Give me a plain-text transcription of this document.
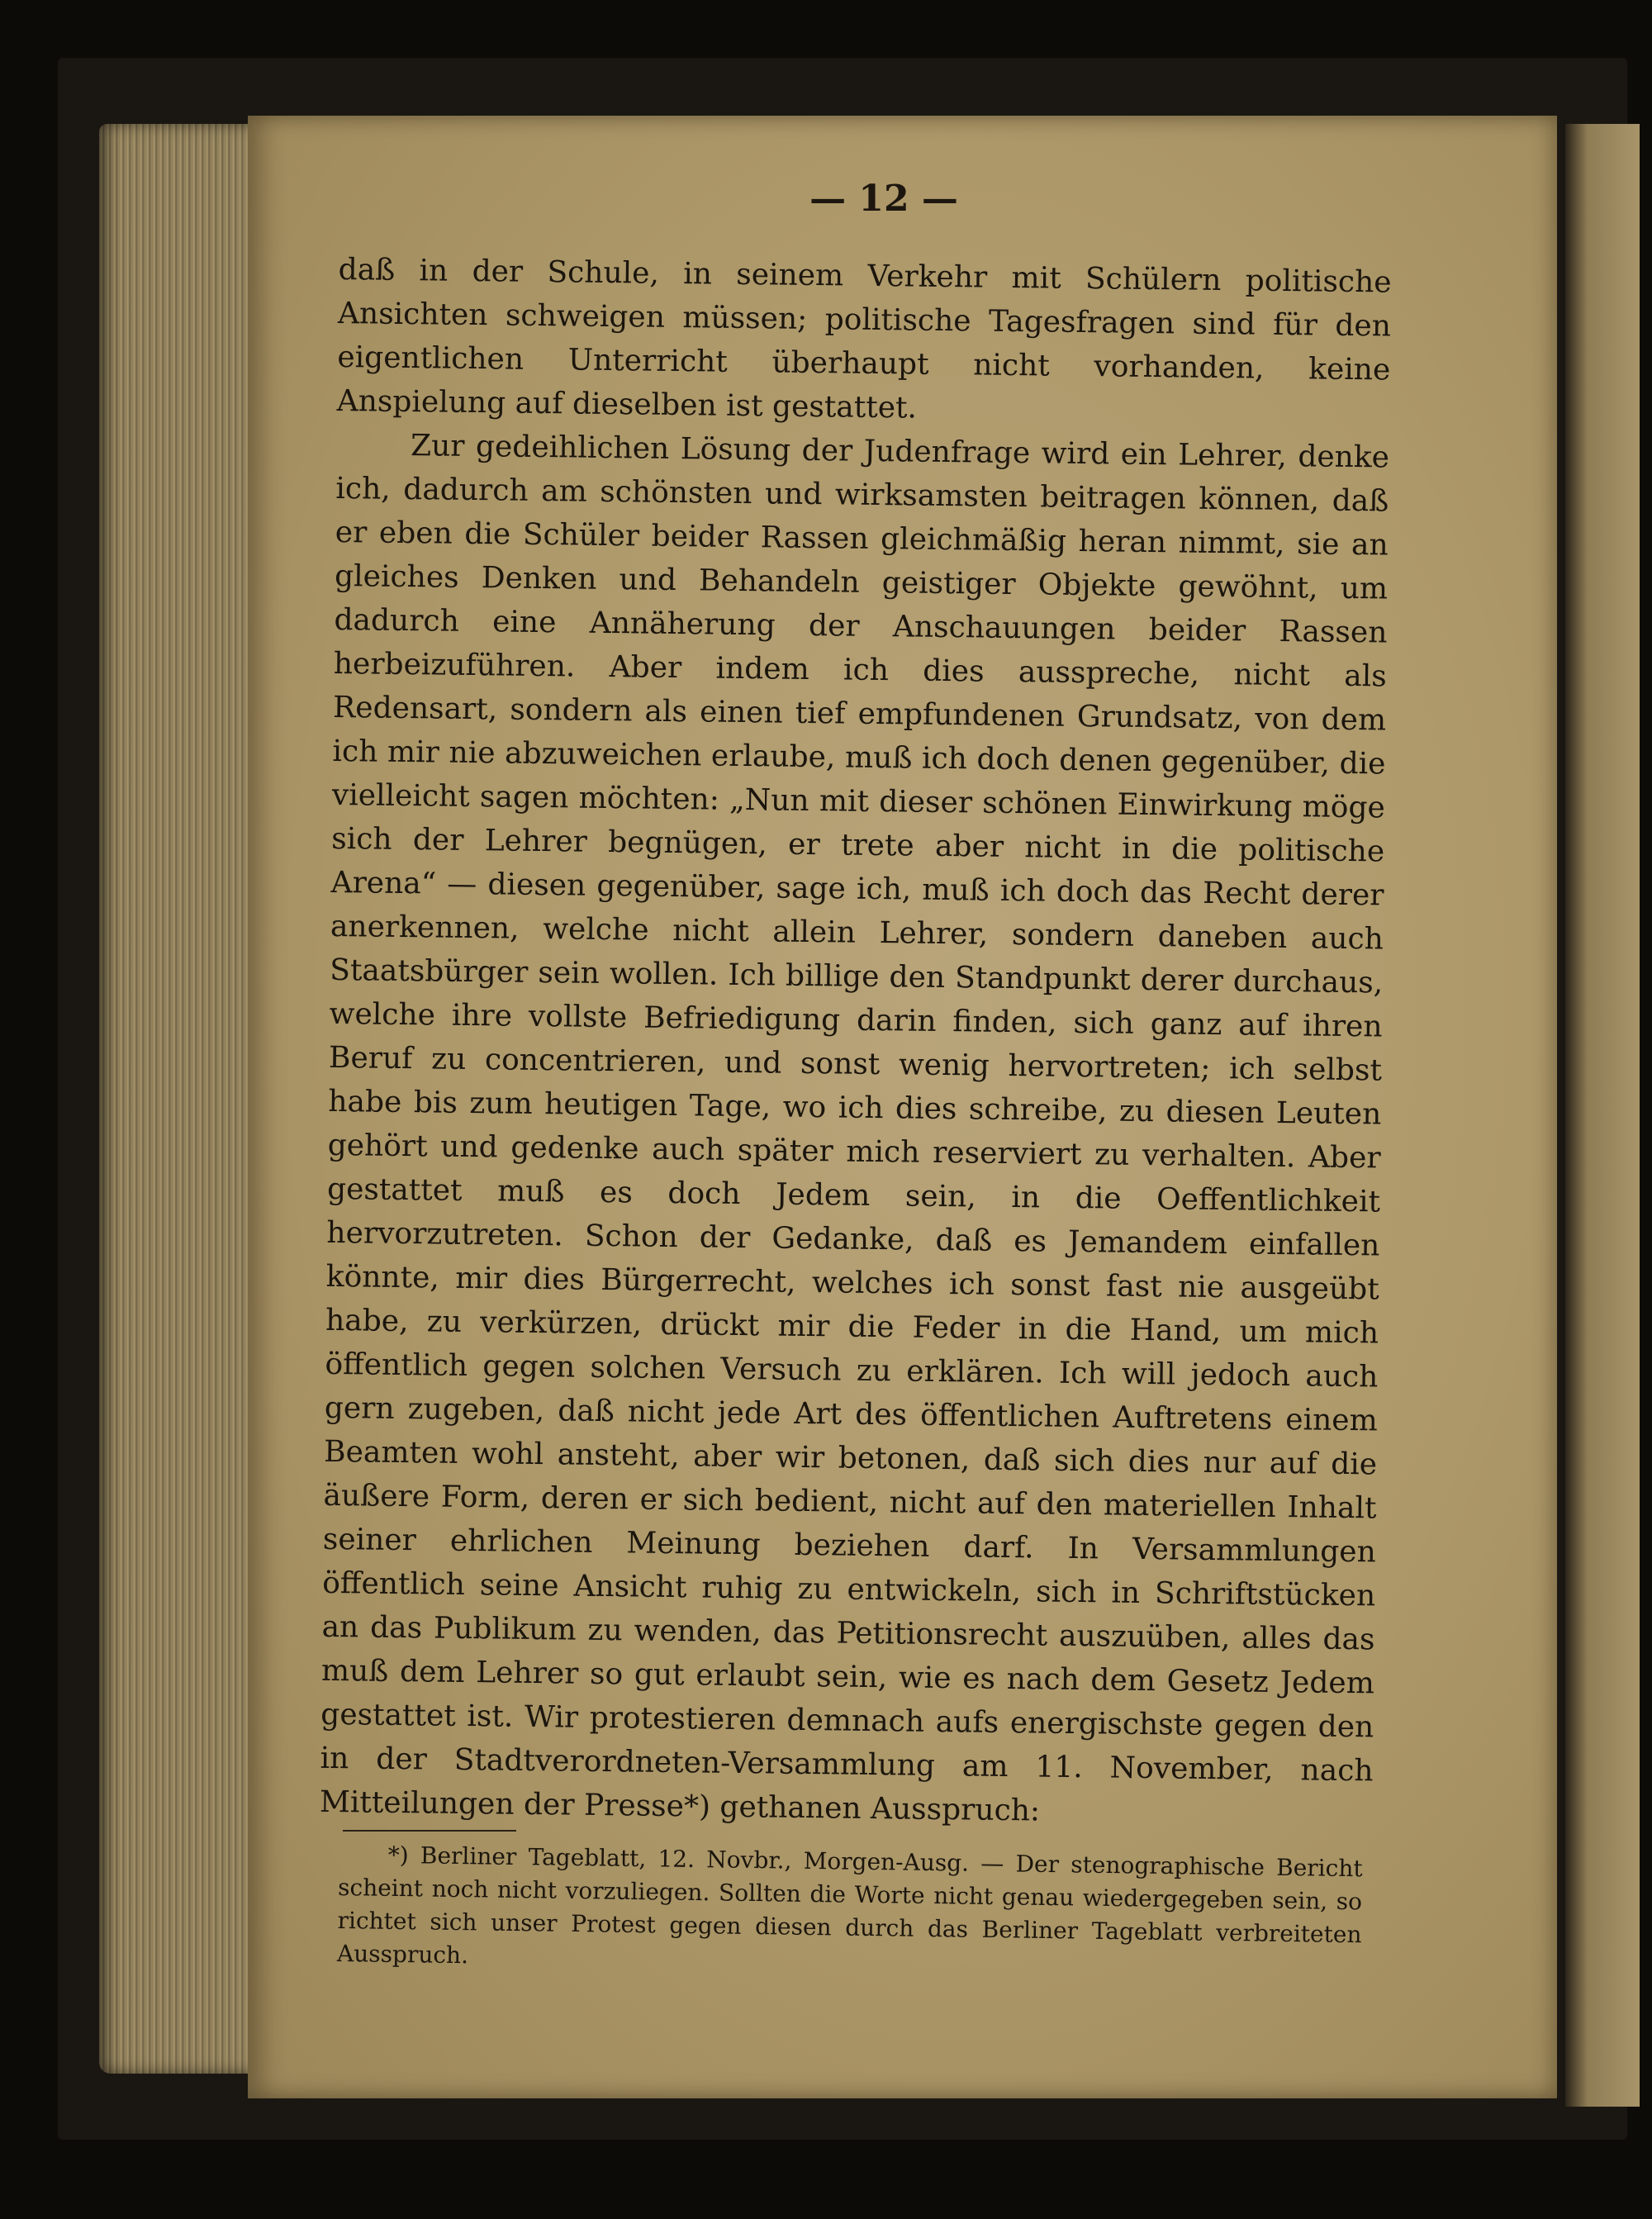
— 12 —

daß in der Schule, in seinem Verkehr mit Schülern politische Ansichten schweigen müssen; politische Tagesfragen sind für den eigentlichen Unterricht überhaupt nicht vorhanden, keine Anspielung auf dieselben ist gestattet.

Zur gedeihlichen Lösung der Judenfrage wird ein Lehrer, denke ich, dadurch am schönsten und wirksamsten beitragen können, daß er eben die Schüler beider Rassen gleichmäßig heran nimmt, sie an gleiches Denken und Behandeln geistiger Objekte gewöhnt, um dadurch eine Annäherung der Anschauungen beider Rassen herbeizuführen. Aber indem ich dies ausspreche, nicht als Redensart, sondern als einen tief empfundenen Grundsatz, von dem ich mir nie abzuweichen erlaube, muß ich doch denen gegenüber, die vielleicht sagen möchten: „Nun mit dieser schönen Einwirkung möge sich der Lehrer begnügen, er trete aber nicht in die politische Arena“ — diesen gegenüber, sage ich, muß ich doch das Recht derer anerkennen, welche nicht allein Lehrer, sondern daneben auch Staatsbürger sein wollen. Ich billige den Standpunkt derer durchaus, welche ihre vollste Befriedigung darin finden, sich ganz auf ihren Beruf zu concentrieren, und sonst wenig hervortreten; ich selbst habe bis zum heutigen Tage, wo ich dies schreibe, zu diesen Leuten gehört und gedenke auch später mich reserviert zu verhalten. Aber gestattet muß es doch Jedem sein, in die Oeffentlichkeit hervorzutreten. Schon der Gedanke, daß es Jemandem einfallen könnte, mir dies Bürgerrecht, welches ich sonst fast nie ausgeübt habe, zu verkürzen, drückt mir die Feder in die Hand, um mich öffentlich gegen solchen Versuch zu erklären. Ich will jedoch auch gern zugeben, daß nicht jede Art des öffentlichen Auftretens einem Beamten wohl ansteht, aber wir betonen, daß sich dies nur auf die äußere Form, deren er sich bedient, nicht auf den materiellen Inhalt seiner ehrlichen Meinung beziehen darf. In Versammlungen öffentlich seine Ansicht ruhig zu entwickeln, sich in Schriftstücken an das Publikum zu wenden, das Petitionsrecht auszuüben, alles das muß dem Lehrer so gut erlaubt sein, wie es nach dem Gesetz Jedem gestattet ist. Wir protestieren demnach aufs energischste gegen den in der Stadtverordneten-Versammlung am 11. November, nach Mitteilungen der Presse*) gethanen Ausspruch:

*) Berliner Tageblatt, 12. Novbr., Morgen-Ausg. — Der stenographische Bericht scheint noch nicht vorzuliegen. Sollten die Worte nicht genau wiedergegeben sein, so richtet sich unser Protest gegen diesen durch das Berliner Tageblatt verbreiteten Ausspruch.
